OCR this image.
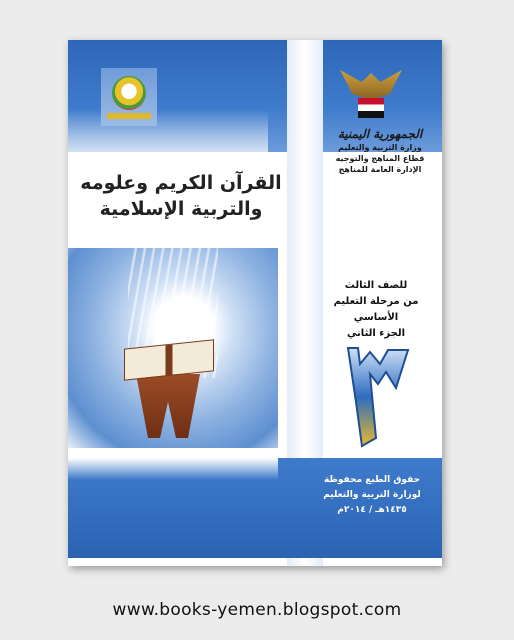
القرآن الكريم وعلومه
والتربية الإسلامية
الجمهورية اليمنية
وزارة التربية والتعليم
قطاع المناهج والتوجيه
الإدارة العامة للمناهج
للصف الثالث
من مرحلة التعليم الأساسي
الجزء الثاني
حقوق الطبع محفوظة
لوزارة التربية والتعليم
١٤٣٥هـ / ٢٠١٤م
www.books-yemen.blogspot.com
